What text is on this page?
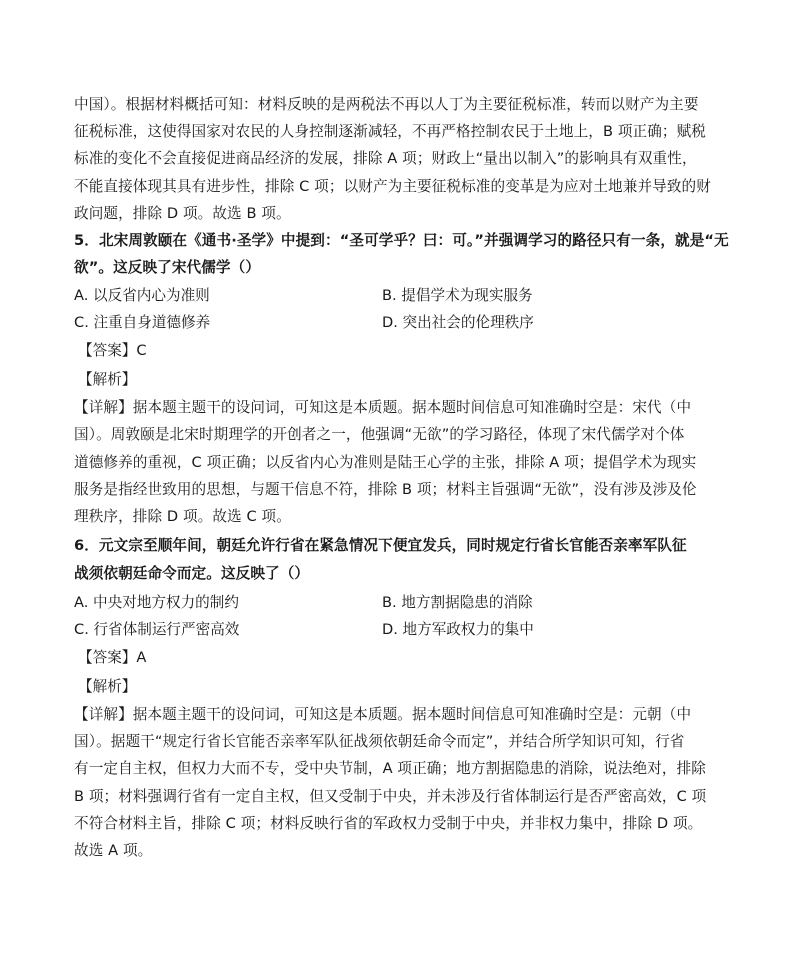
中国）。根据材料概括可知：材料反映的是两税法不再以人丁为主要征税标准，转而以财产为主要
征税标准，这使得国家对农民的人身控制逐渐减轻，不再严格控制农民于土地上，B 项正确；赋税
标准的变化不会直接促进商品经济的发展，排除 A 项；财政上“量出以制入”的影响具有双重性，
不能直接体现其具有进步性，排除 C 项；以财产为主要征税标准的变革是为应对土地兼并导致的财
政问题，排除 D 项。故选 B 项。
5．北宋周敦颐在《通书·圣学》中提到：“圣可学乎？曰：可。”并强调学习的路径只有一条，就是“无
欲”。这反映了宋代儒学（）
A. 以反省内心为准则	B. 提倡学术为现实服务
C. 注重自身道德修养	D. 突出社会的伦理秩序
【答案】C
【解析】
【详解】据本题主题干的设问词，可知这是本质题。据本题时间信息可知准确时空是：宋代（中
国）。周敦颐是北宋时期理学的开创者之一，他强调“无欲”的学习路径，体现了宋代儒学对个体
道德修养的重视，C 项正确；以反省内心为准则是陆王心学的主张，排除 A 项；提倡学术为现实
服务是指经世致用的思想，与题干信息不符，排除 B 项；材料主旨强调“无欲”，没有涉及涉及伦
理秩序，排除 D 项。故选 C 项。
6．元文宗至顺年间，朝廷允许行省在紧急情况下便宜发兵，同时规定行省长官能否亲率军队征
战须依朝廷命令而定。这反映了（）
A. 中央对地方权力的制约	B. 地方割据隐患的消除
C. 行省体制运行严密高效	D. 地方军政权力的集中
【答案】A
【解析】
【详解】据本题主题干的设问词，可知这是本质题。据本题时间信息可知准确时空是：元朝（中
国）。据题干“规定行省长官能否亲率军队征战须依朝廷命令而定”，并结合所学知识可知，行省
有一定自主权，但权力大而不专，受中央节制，A 项正确；地方割据隐患的消除，说法绝对，排除
B 项；材料强调行省有一定自主权，但又受制于中央，并未涉及行省体制运行是否严密高效，C 项
不符合材料主旨，排除 C 项；材料反映行省的军政权力受制于中央，并非权力集中，排除 D 项。
故选 A 项。
